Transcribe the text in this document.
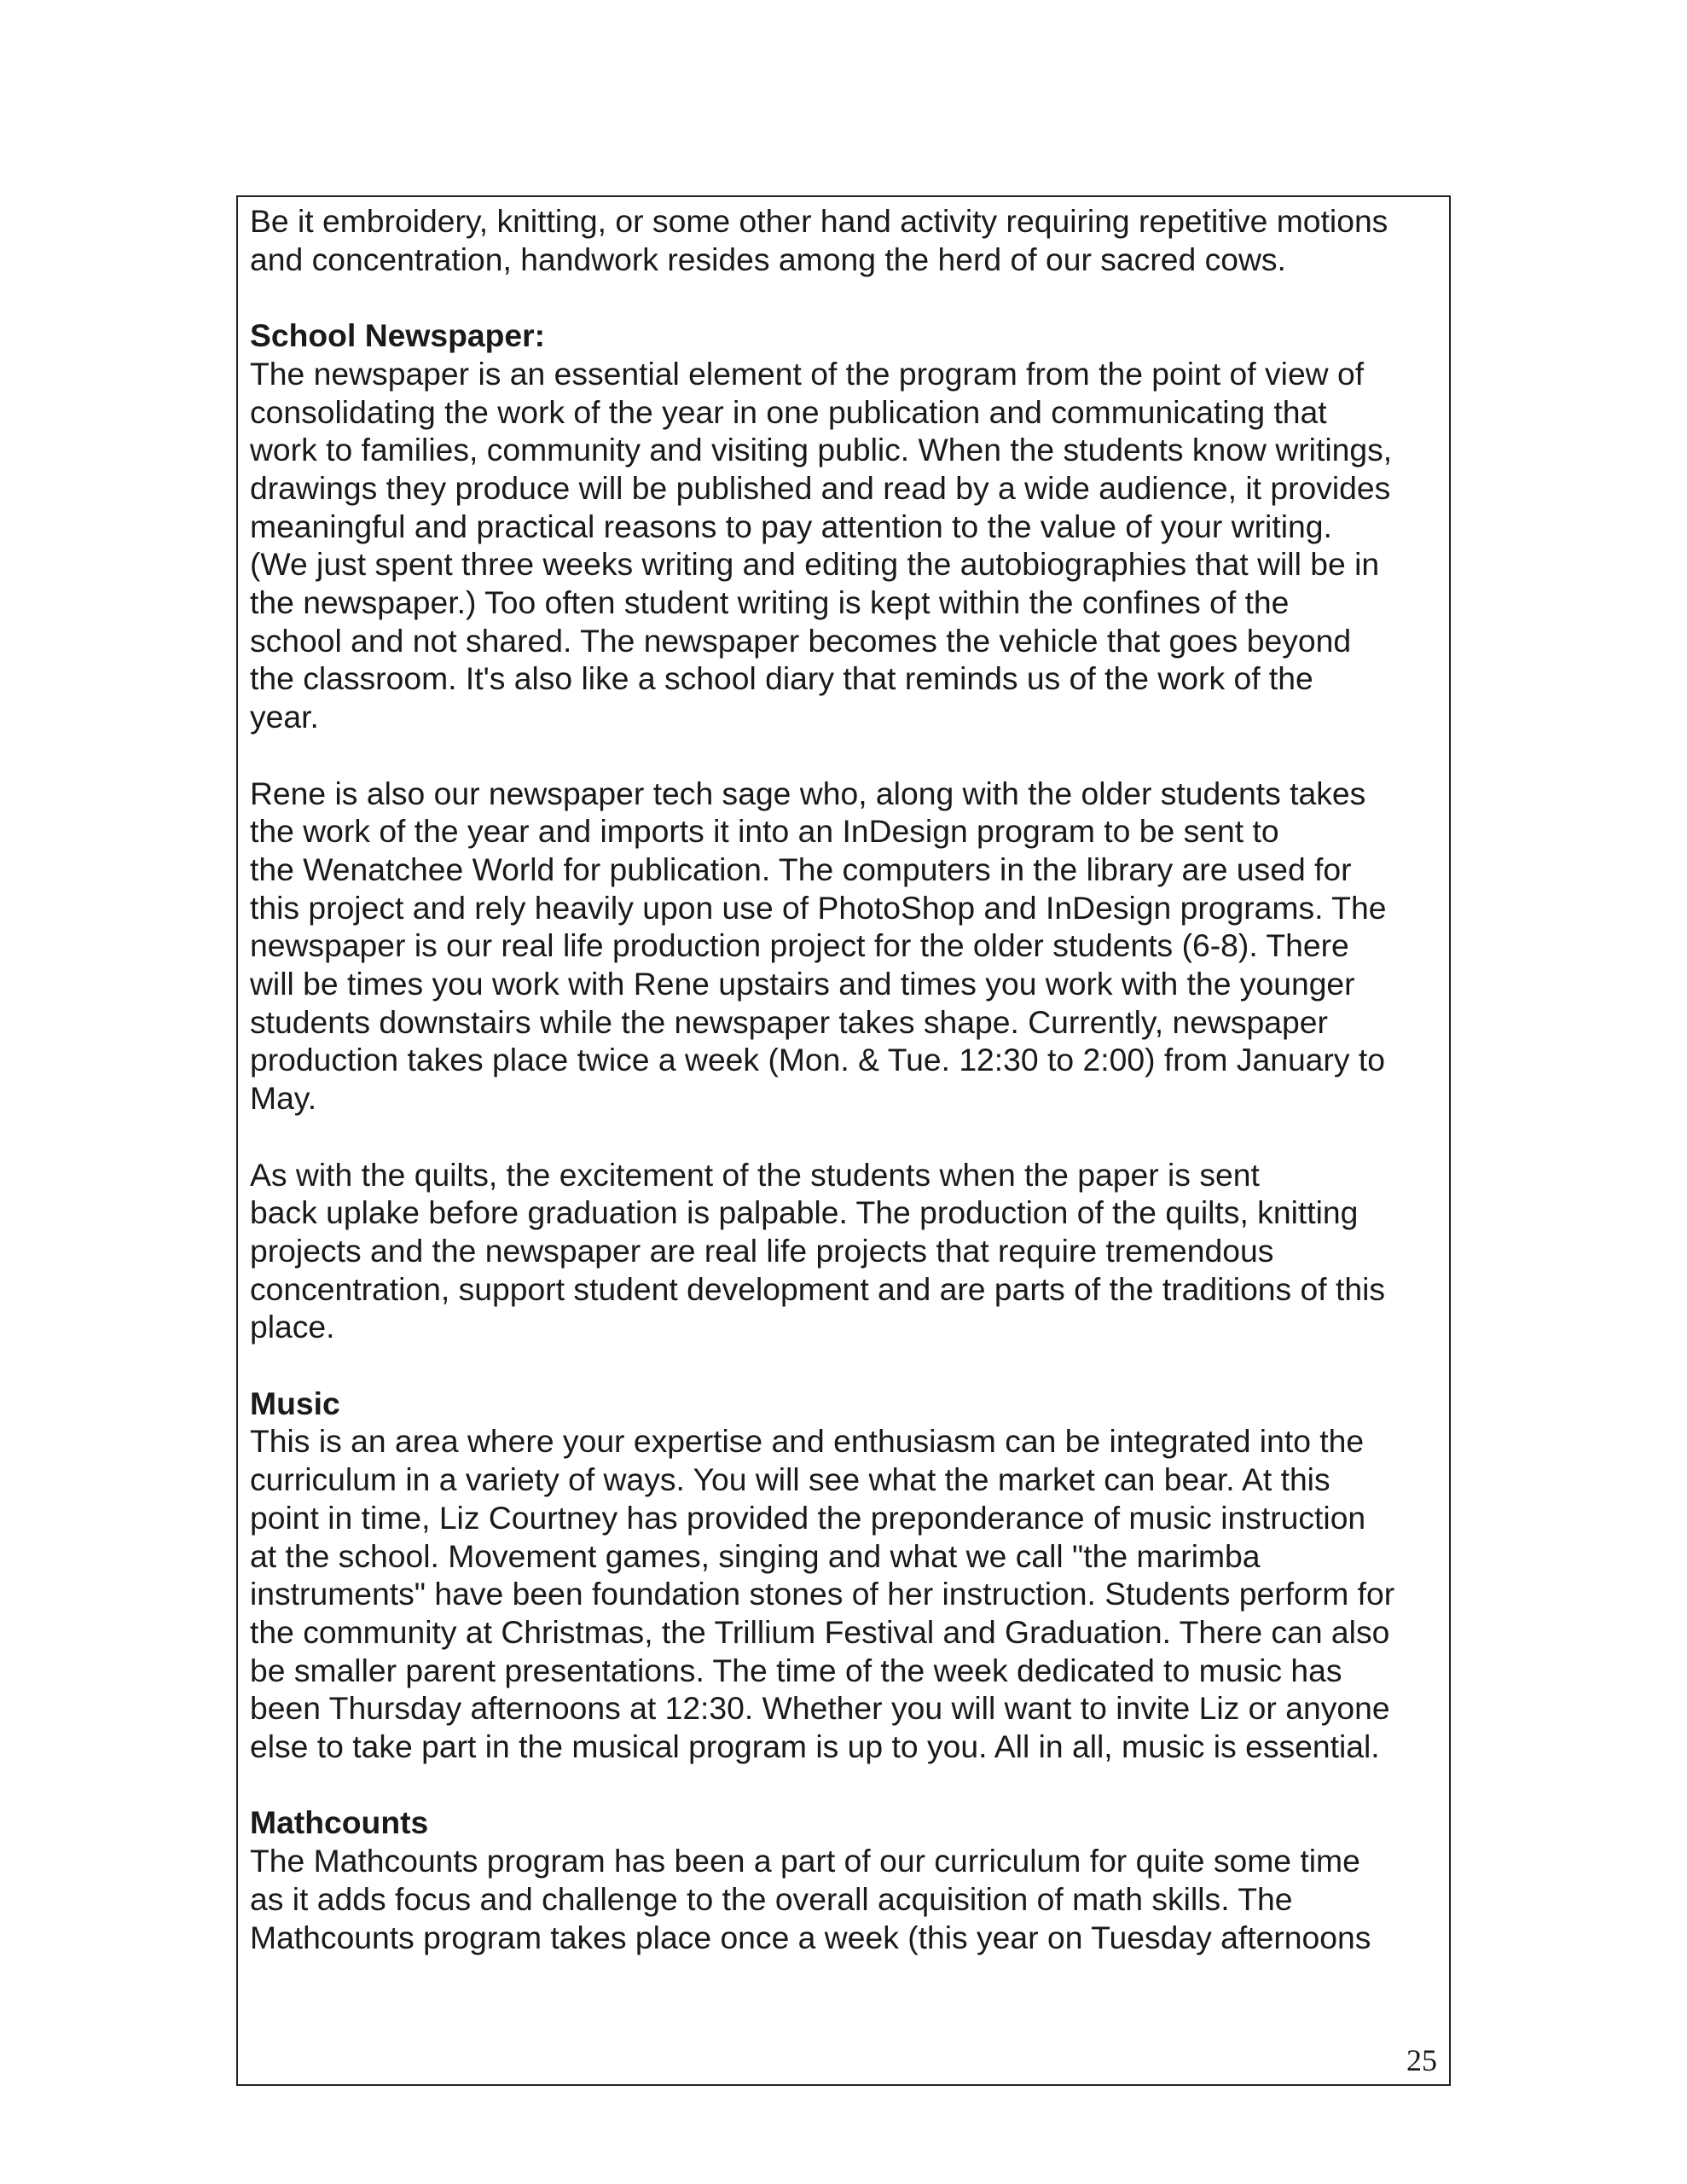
Be it embroidery, knitting, or some other hand activity requiring repetitive motions
and concentration, handwork resides among the herd of our sacred cows.
School Newspaper:
The newspaper is an essential element of the program from the point of view of
consolidating the work of the year in one publication and communicating that
work to families, community and visiting public. When the students know writings,
drawings they produce will be published and read by a wide audience, it provides
meaningful and practical reasons to pay attention to the value of your writing.
(We just spent three weeks writing and editing the autobiographies that will be in
the newspaper.) Too often student writing is kept within the confines of the
school and not shared. The newspaper becomes the vehicle that goes beyond
the classroom. It's also like a school diary that reminds us of the work of the
year.
Rene is also our newspaper tech sage who, along with the older students takes
the work of the year and imports it into an InDesign program to be sent to
the Wenatchee World for publication. The computers in the library are used for
this project and rely heavily upon use of PhotoShop and InDesign programs. The
newspaper is our real life production project for the older students (6-8). There
will be times you work with Rene upstairs and times you work with the younger
students downstairs while the newspaper takes shape. Currently, newspaper
production takes place twice a week (Mon. & Tue. 12:30 to 2:00) from January to
May.
As with the quilts, the excitement of the students when the paper is sent
back uplake before graduation is palpable. The production of the quilts, knitting
projects and the newspaper are real life projects that require tremendous
concentration, support student development and are parts of the traditions of this
place.
Music
This is an area where your expertise and enthusiasm can be integrated into the
curriculum in a variety of ways. You will see what the market can bear. At this
point in time, Liz Courtney has provided the preponderance of music instruction
at the school. Movement games, singing and what we call "the marimba
instruments" have been foundation stones of her instruction. Students perform for
the community at Christmas, the Trillium Festival and Graduation. There can also
be smaller parent presentations. The time of the week dedicated to music has
been Thursday afternoons at 12:30. Whether you will want to invite Liz or anyone
else to take part in the musical program is up to you. All in all, music is essential.
Mathcounts
The Mathcounts program has been a part of our curriculum for quite some time
as it adds focus and challenge to the overall acquisition of math skills. The
Mathcounts program takes place once a week (this year on Tuesday afternoons
25
